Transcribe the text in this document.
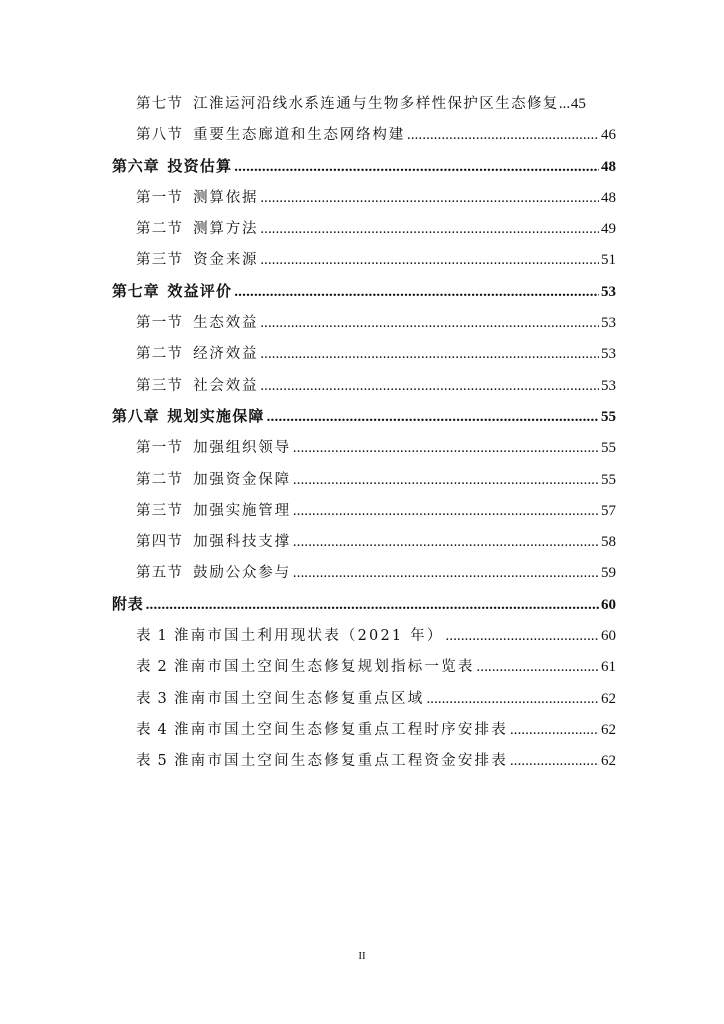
第七节 江淮运河沿线水系连通与生物多样性保护区生态修复 ..... 45
第八节 重要生态廊道和生态网络构建 .....	46
第六章 投资估算 .....	48
第一节 测算依据 .....	48
第二节 测算方法 .....	49
第三节 资金来源 .....	51
第七章 效益评价 .....	53
第一节 生态效益 .....	53
第二节 经济效益 .....	53
第三节 社会效益 .....	53
第八章 规划实施保障 .....	55
第一节 加强组织领导 .....	55
第二节 加强资金保障 .....	55
第三节 加强实施管理 .....	57
第四节 加强科技支撑 .....	58
第五节 鼓励公众参与 .....	59
附表 .....	60
表 1 淮南市国土利用现状表（2021 年） .....	60
表 2 淮南市国土空间生态修复规划指标一览表 .....	61
表 3 淮南市国土空间生态修复重点区域 .....	62
表 4 淮南市国土空间生态修复重点工程时序安排表 .....	62
表 5 淮南市国土空间生态修复重点工程资金安排表 .....	62
II
